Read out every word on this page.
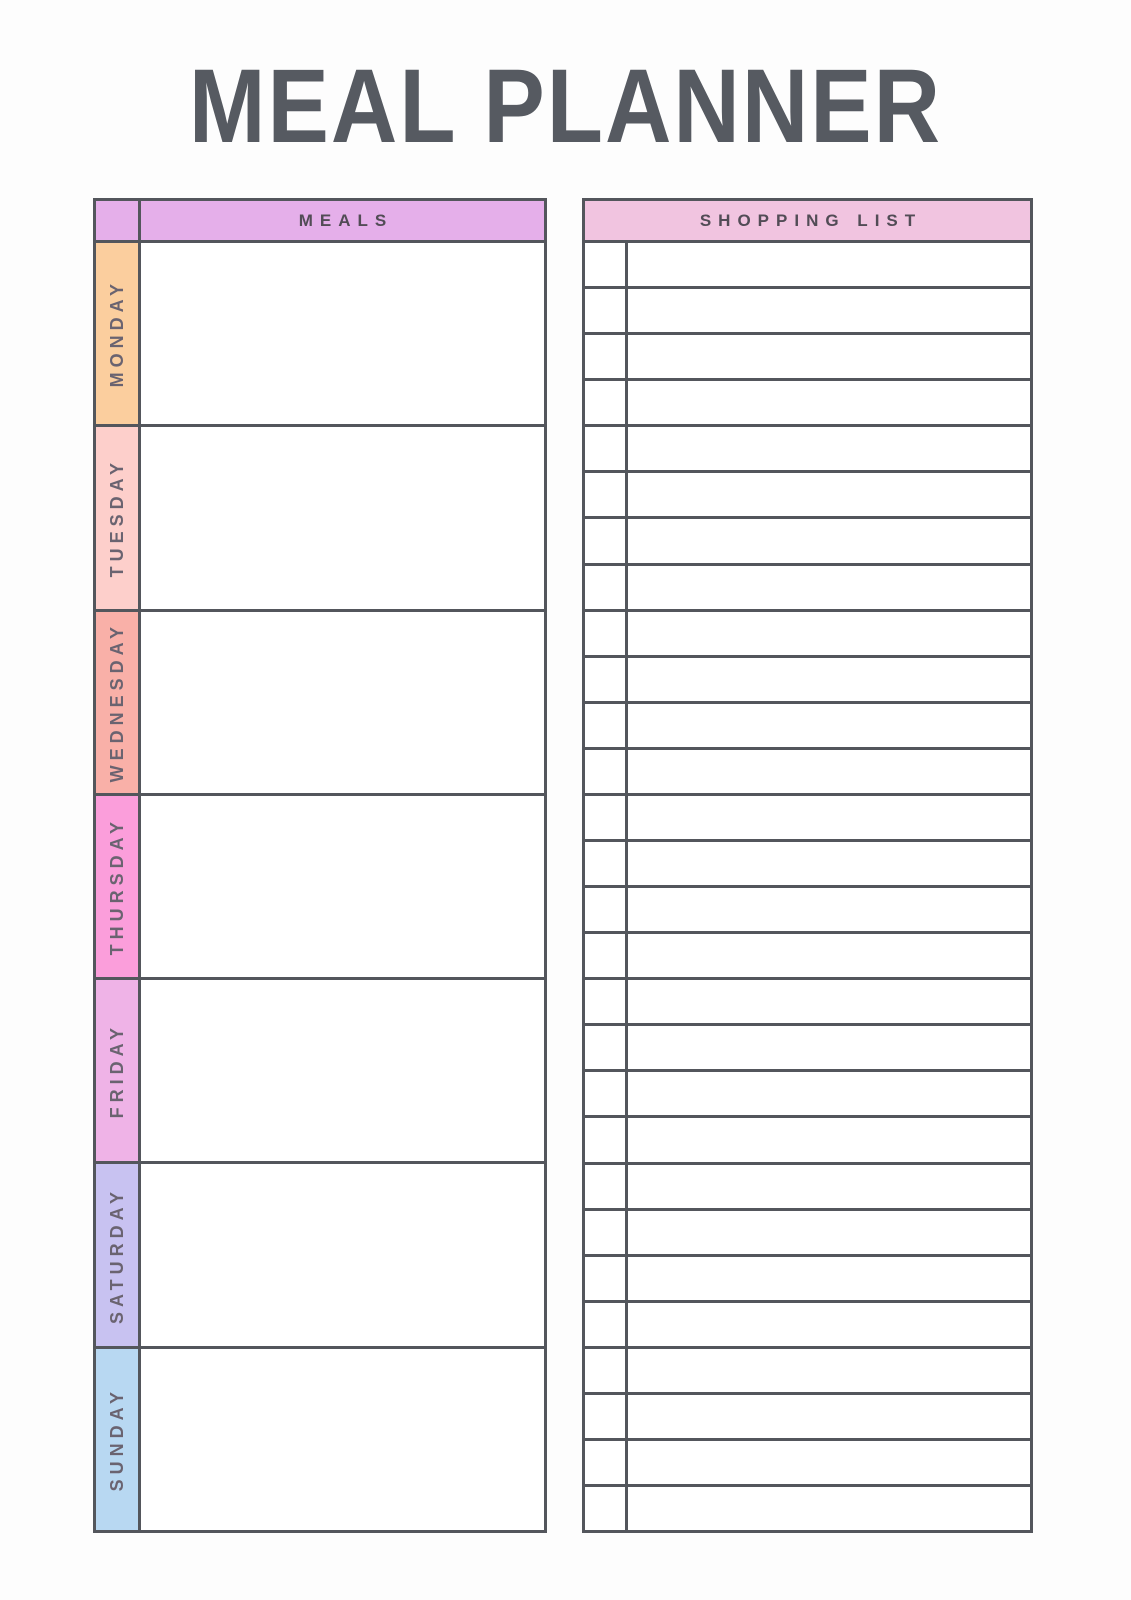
MEAL PLANNER
MEALS
MONDAY
TUESDAY
WEDNESDAY
THURSDAY
FRIDAY
SATURDAY
SUNDAY
SHOPPING LIST
